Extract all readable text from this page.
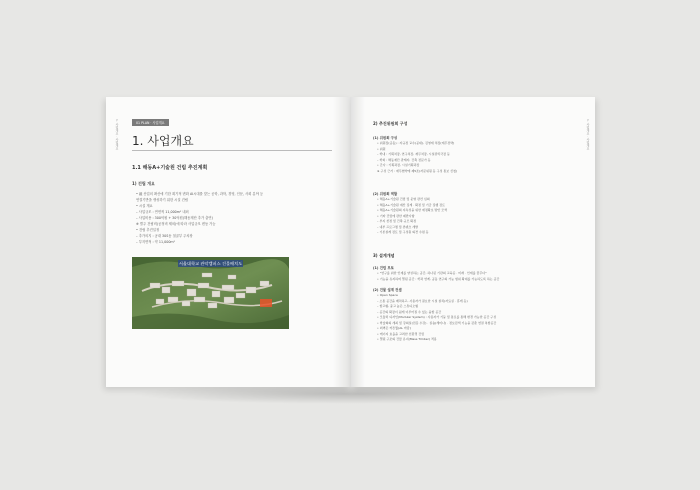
1. 사업개요 · 사업개요	01 PLAN · 사업개요
1. 사업개요
1.1 해동A+기술원 건립 추진계획
1) 건립 개요
• 融 산업의 확산에 기한 획기적 변화 AI시대를 맞는 공학, 과학, 경영, 인문, 사회 분야 등
연결기반을 생성하기 위한 시설 건립
• 시설 개요
– 사업규모 : 연면적 11,000m² 내외
– 사업비용 : 300억원 + 30억원(해동재단 추가 출연)
※ 별주 건립비(공정비 제외)에 따라 사업규모 변동 가능
• 건립 추진일정
– 추가의지 : 공대 30S동 철골부 주차장
– 부지면적 : 약 11,000m²
서울대학교 관악캠퍼스 건물배치도
1. 사업개요 · 사업개요
2) 추진위원회 구성
(1) 위원회 구성
• 위원장(공동) : 자규정 교수(공대), 김영재 처장(재무전략)
• 위원
– 학내 : 기획처장, 연구처장, 재무처장, 시설관리국장 등
– 학외 : 해동재단 관계자, 건축 전문가 등
• 간사 : 기획과장, 시설기획과장
※ 구성 근거 : 재무협약에 제5조(자문위원 등 구성 통보 신청)
(2) 위원회 역할
• 해동A+기술원 건립 및 운영 관련 심의
• 해동A+기술원 예산 집계 · 확정 및 기금 집행 검토
• 해동A+기술원의 지속성을 위한 재정확보 방안 모색
• 기타 건립에 관한 제반사항
– 부지 선정 및 건축 규모 확정
– 내부 프로그램 및 콘텐츠 개발
– 기본설계 검토 및 구성원 의견 수렴 등
3) 설계개념
(1) 건립 모토
• "연구를 위한 인재를 양성하는 공간, 하나된 기관의 교육공 · 미래 · 인재를 꿈꾸다"
• 기능을 유지하며 열린 공간 : 학과 연계, 공동 연구의 가능 범위 확대를 가능하도록 하는 공간
(2) 건물 설계 컨셉
• Open Space
– 소통 공간을 배치하고, 사용자가 필요한 시설 설치(자료실 · 휴게 등)
– 합고형, 중고 높은 스튜디오형
– 공간의 확장이 쉽게 이루어질 수 있는 융합 공간
• 모듈러 디자인(Modular System) : 사용자가 기둥 및 통로를 통해 변경 가능한 공간 구성
• 학술회의 개최 및 강의실(전문 수강) · 실습(세미나) · 정보검색 기능을 갖춘 연결 복합공간
• 외벽은 커튼월(AL 마감)
• 에너지 효율을 고려한 친환경 건립
• 열린 구조의 건물 유지(Mass Timber) 적용
